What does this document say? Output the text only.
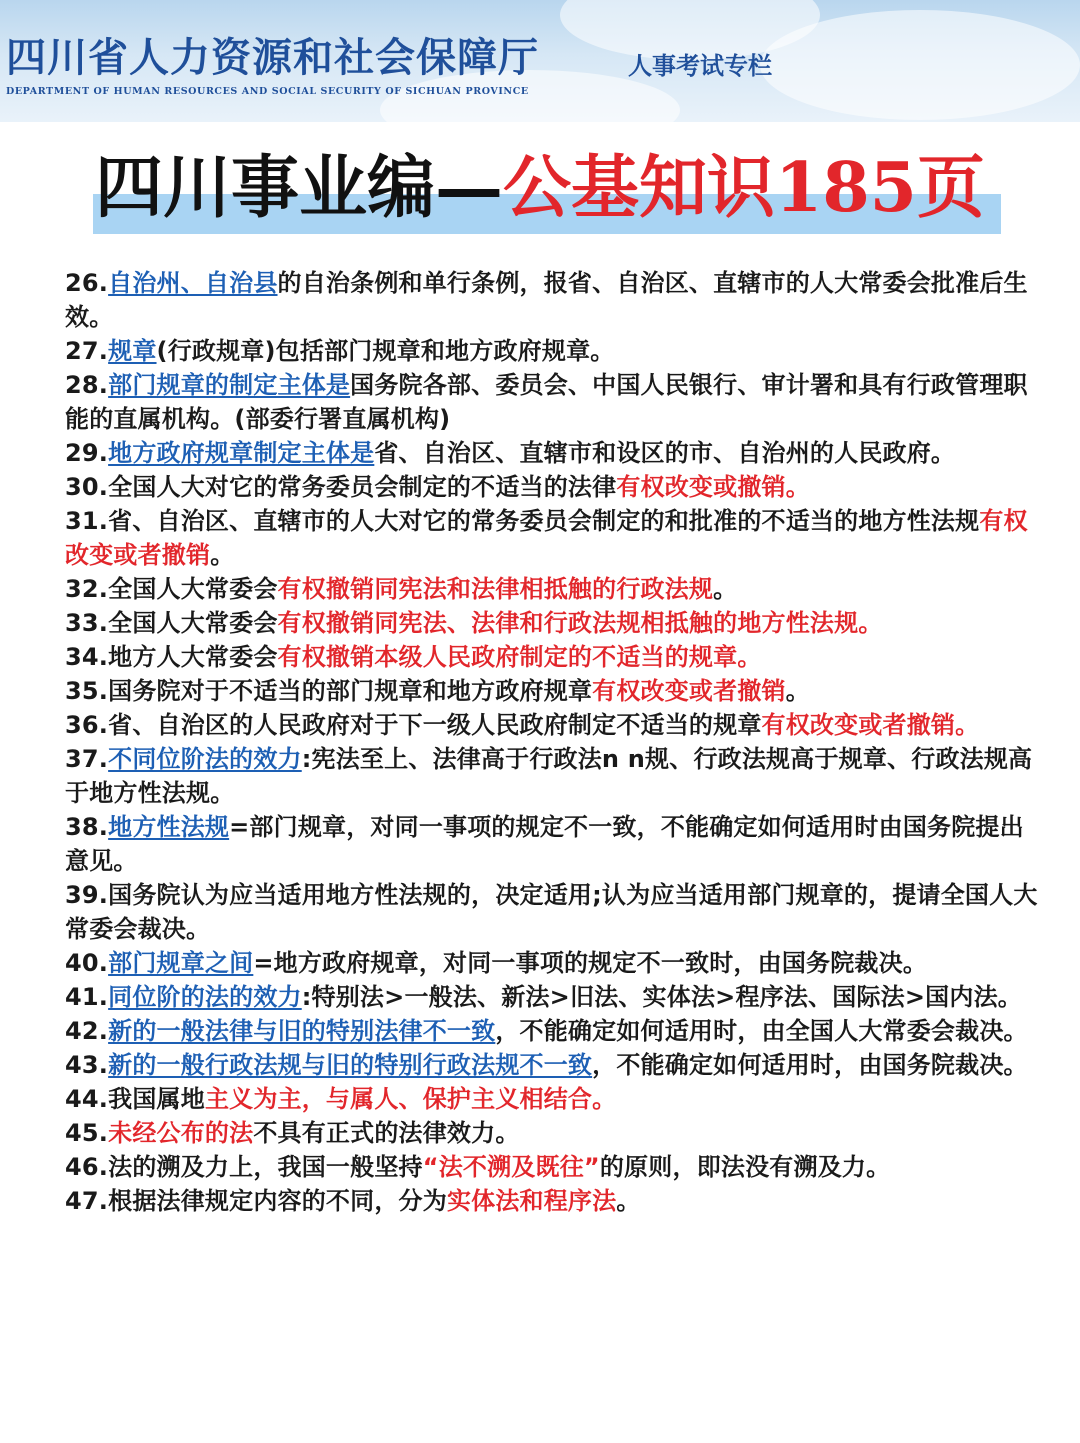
四川省人力资源和社会保障厅
DEPARTMENT OF HUMAN RESOURCES AND SOCIAL SECURITY OF SICHUAN PROVINCE
人事考试专栏
四川事业编—公基知识185页

26.自治州、自治县的自治条例和单行条例，报省、自治区、直辖市的人大常委会批准后生效。

27.规章(行政规章)包括部门规章和地方政府规章。

28.部门规章的制定主体是国务院各部、委员会、中国人民银行、审计署和具有行政管理职能的直属机构。(部委行署直属机构)

29.地方政府规章制定主体是省、自治区、直辖市和设区的市、自治州的人民政府。

30.全国人大对它的常务委员会制定的不适当的法律有权改变或撤销。

31.省、自治区、直辖市的人大对它的常务委员会制定的和批准的不适当的地方性法规有权改变或者撤销。

32.全国人大常委会有权撤销同宪法和法律相抵触的行政法规。

33.全国人大常委会有权撤销同宪法、法律和行政法规相抵触的地方性法规。

34.地方人大常委会有权撤销本级人民政府制定的不适当的规章。

35.国务院对于不适当的部门规章和地方政府规章有权改变或者撤销。

36.省、自治区的人民政府对于下一级人民政府制定不适当的规章有权改变或者撤销。

37.不同位阶法的效力:宪法至上、法律高于行政法n n规、行政法规高于规章、行政法规高于地方性法规。

38.地方性法规=部门规章，对同一事项的规定不一致，不能确定如何适用时由国务院提出意见。

39.国务院认为应当适用地方性法规的，决定适用;认为应当适用部门规章的，提请全国人大常委会裁决。

40.部门规章之间=地方政府规章，对同一事项的规定不一致时，由国务院裁决。

41.同位阶的法的效力:特别法>一般法、新法>旧法、实体法>程序法、国际法>国内法。

42.新的一般法律与旧的特别法律不一致，不能确定如何适用时，由全国人大常委会裁决。

43.新的一般行政法规与旧的特别行政法规不一致，不能确定如何适用时，由国务院裁决。

44.我国属地主义为主，与属人、保护主义相结合。

45.未经公布的法不具有正式的法律效力。

46.法的溯及力上，我国一般坚持“法不溯及既往”的原则，即法没有溯及力。

47.根据法律规定内容的不同，分为实体法和程序法。
